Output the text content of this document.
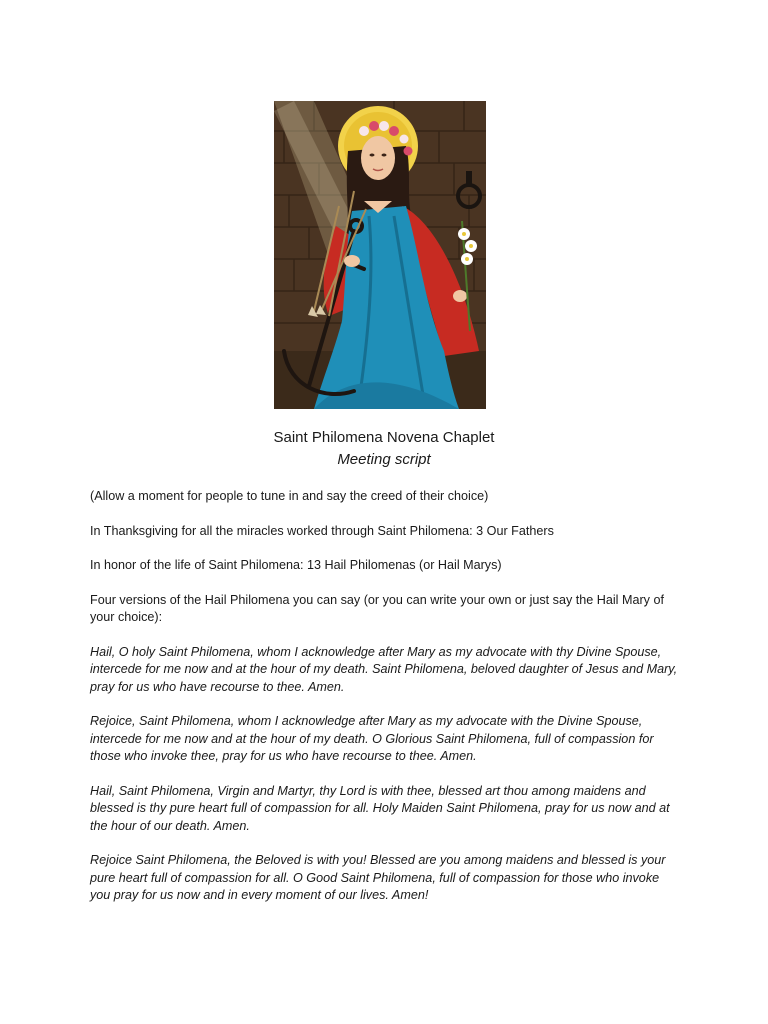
Saint Philomena Novena Chaplet
Meeting script

(Allow a moment for people to tune in and say the creed of their choice)

In Thanksgiving for all the miracles worked through Saint Philomena: 3 Our Fathers

In honor of the life of Saint Philomena: 13 Hail Philomenas (or Hail Marys)

Four versions of the Hail Philomena you can say (or you can write your own or just say the Hail Mary of your choice):

Hail, O holy Saint Philomena, whom I acknowledge after Mary as my advocate with thy Divine Spouse, intercede for me now and at the hour of my death. Saint Philomena, beloved daughter of Jesus and Mary, pray for us who have recourse to thee. Amen.

Rejoice, Saint Philomena, whom I acknowledge after Mary as my advocate with the Divine Spouse, intercede for me now and at the hour of my death. O Glorious Saint Philomena, full of compassion for those who invoke thee, pray for us who have recourse to thee. Amen.

Hail, Saint Philomena, Virgin and Martyr, thy Lord is with thee, blessed art thou among maidens and blessed is thy pure heart full of compassion for all. Holy Maiden Saint Philomena, pray for us now and at the hour of our death. Amen.

Rejoice Saint Philomena, the Beloved is with you! Blessed are you among maidens and blessed is your pure heart full of compassion for all. O Good Saint Philomena, full of compassion for those who invoke you pray for us now and in every moment of our lives. Amen!
